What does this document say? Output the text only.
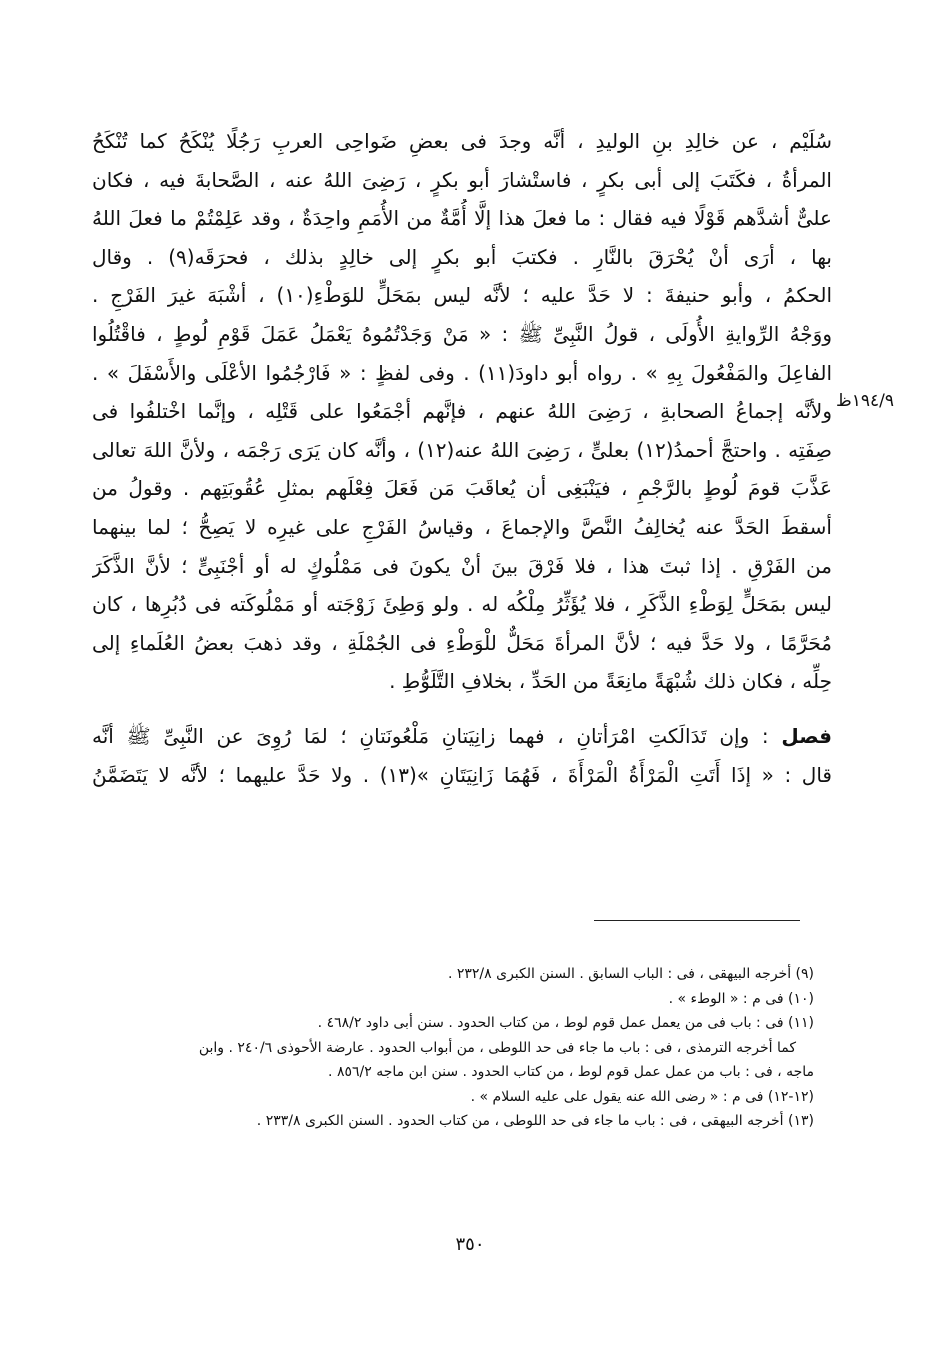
سُلَيْم ، عن خالِدِ بنِ الوليدِ ، أنَّه وجدَ فى بعضِ ضَواحِى العربِ رَجُلًا يُنْكَحُ كما تُنْكَحُ
المرأةُ ، فكَتَبَ إلى أبى بكرٍ ، فاستْشارَ أبو بكرٍ ، رَضِىَ اللهُ عنه ، الصَّحابةَ فيه ، فكان
علىٌّ أشدَّهم قَوْلًا فيه فقال : ما فعلَ هذا إلَّا أُمَّةٌ من الأُمَمِ واحِدَةٌ ، وقد عَلِمْتُمْ ما فعلَ اللهُ
بها ، أرَى أنْ يُحْرَقَ بالنَّارِ . فكتبَ أبو بكرٍ إلى خالِدٍ بذلك ، فحرَقَه(٩) . وقال
الحكمُ ، وأبو حنيفةَ : لا حَدَّ عليه ؛ لأنَّه ليس بمَحَلٍّ للوَطْءِ(١٠) ، أشْبَهَ غيرَ الفَرْجِ .
ووَجْهُ الرِّوايةِ الأُولَى ، قولُ النَّبِىِّ ﷺ : « مَنْ وَجَدْتُمُوهُ يَعْمَلُ عَمَلَ قَوْمِ لُوطٍ ، فاقْتُلُوا
الفاعِلَ والمَفْعُولَ بِهِ » . رواه أبو داودَ(١١) . وفى لفظٍ : « فَارْجُمُوا الأعْلَى والأَسْفَلَ » .
ولأنَّه إجماعُ الصحابةِ ، رَضِىَ اللهُ عنهم ، فإنَّهم أجْمَعُوا على قَتْلِه ، وإنَّما اخْتلفُوا فى
صِفَتِه . واحتجَّ أحمدُ(١٢) بعلىٍّ ، رَضِىَ اللهُ عنه(١٢) ، وأنَّه كان يَرَى رَجْمَه ، ولأنَّ اللهَ تعالى
عَذَّبَ قومَ لُوطٍ بالرَّجْمِ ، فيَنْبَغِى أن يُعاقَبَ مَن فَعَلَ فِعْلَهم بمثلِ عُقُوبَتِهم . وقولُ من
أسقطَ الحَدَّ عنه يُخالِفُ النَّصَّ والإجماعَ ، وقياسُ الفَرْجِ على غيرِه لا يَصِحُّ ؛ لما بينهما
من الفَرْقِ . إذا ثبتَ هذا ، فلا فَرْقَ بينَ أنْ يكونَ فى مَمْلُوكٍ له أو أجْنَبِىٍّ ؛ لأنَّ الذَّكَرَ
ليس بمَحَلٍّ لِوَطْءِ الذَّكَرِ ، فلا يُؤَثِّرُ مِلْكُه له . ولو وَطِئَ زَوْجَته أو مَمْلُوكَته فى دُبُرِها ، كان
مُحَرَّمًا ، ولا حَدَّ فيه ؛ لأنَّ المرأةَ مَحَلٌّ للْوَطْءِ فى الجُمْلَةِ ، وقد ذهبَ بعضُ العُلَماءِ إلى
حِلِّه ، فكان ذلك شُبْهَةً مانِعَةً من الحَدِّ ، بخلافِ التَّلَوُّطِ .
فصل : وإن تَدَالَكتِ امْرَأتانِ ، فهما زانِيَتانِ مَلْعُونَتانِ ؛ لمَا رُوِىَ عن النَّبِىِّ ﷺ أنَّه
قال : « إذَا أَتَتِ الْمَرْأَةُ الْمَرْأَةَ ، فَهُمَا زَانِيَتَانِ »(١٣) . ولا حَدَّ عليهما ؛ لأنَّه لا يَتَضَمَّنُ
١٩٤/٩ظ
(٩) أخرجه البيهقى ، فى : الباب السابق . السنن الكبرى ٢٣٢/٨ .
(١٠) فى م : « الوطء » .
(١١) فى : باب فى من يعمل عمل قوم لوط ، من كتاب الحدود . سنن أبى داود ٤٦٨/٢ .
كما أخرجه الترمذى ، فى : باب ما جاء فى حد اللوطى ، من أبواب الحدود . عارضة الأحوذى ٢٤٠/٦ . وابن
ماجه ، فى : باب من عمل عمل قوم لوط ، من كتاب الحدود . سنن ابن ماجه ٨٥٦/٢ .
(١٢-١٢) فى م : « رضى الله عنه يقول على عليه السلام » .
(١٣) أخرجه البيهقى ، فى : باب ما جاء فى حد اللوطى ، من كتاب الحدود . السنن الكبرى ٢٣٣/٨ .
٣٥٠
